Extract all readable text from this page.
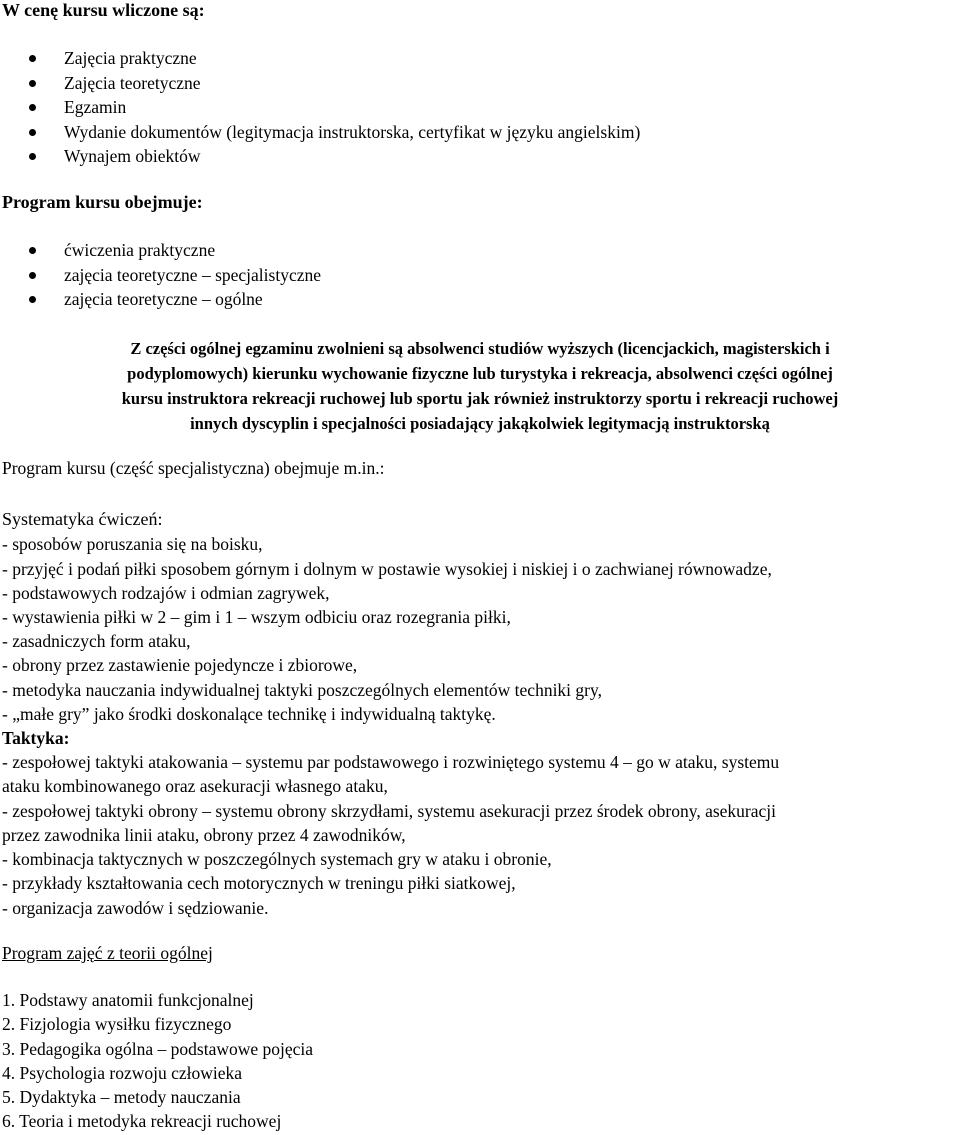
W cenę kursu wliczone są:
Zajęcia praktyczne
Zajęcia teoretyczne
Egzamin
Wydanie dokumentów (legitymacja instruktorska, certyfikat w języku angielskim)
Wynajem obiektów
Program kursu obejmuje:
ćwiczenia praktyczne
zajęcia teoretyczne – specjalistyczne
zajęcia teoretyczne – ogólne
Z części ogólnej egzaminu zwolnieni są absolwenci studiów wyższych (licencjackich, magisterskich i
podyplomowych) kierunku wychowanie fizyczne lub turystyka i rekreacja, absolwenci części ogólnej
kursu instruktora rekreacji ruchowej lub sportu jak również instruktorzy sportu i rekreacji ruchowej
innych dyscyplin i specjalności posiadający jakąkolwiek legitymacją instruktorską
Program kursu (część specjalistyczna) obejmuje m.in.:
Systematyka ćwiczeń:
- sposobów poruszania się na boisku,
- przyjęć i podań piłki sposobem górnym i dolnym w postawie wysokiej i niskiej i o zachwianej równowadze,
- podstawowych rodzajów i odmian zagrywek,
- wystawienia piłki w 2 – gim i 1 – wszym odbiciu oraz rozegrania piłki,
- zasadniczych form ataku,
- obrony przez zastawienie pojedyncze i zbiorowe,
- metodyka nauczania indywidualnej taktyki poszczególnych elementów techniki gry,
- „małe gry” jako środki doskonalące technikę i indywidualną taktykę.
Taktyka:
- zespołowej taktyki atakowania – systemu par podstawowego i rozwiniętego systemu 4 – go w ataku, systemu
ataku kombinowanego oraz asekuracji własnego ataku,
- zespołowej taktyki obrony – systemu obrony skrzydłami, systemu asekuracji przez środek obrony, asekuracji
przez zawodnika linii ataku, obrony przez 4 zawodników,
- kombinacja taktycznych w poszczególnych systemach gry w ataku i obronie,
- przykłady kształtowania cech motorycznych w treningu piłki siatkowej,
- organizacja zawodów i sędziowanie.
Program zajęć z teorii ogólnej
1. Podstawy anatomii funkcjonalnej
2. Fizjologia wysiłku fizycznego
3. Pedagogika ogólna – podstawowe pojęcia
4. Psychologia rozwoju człowieka
5. Dydaktyka – metody nauczania
6. Teoria i metodyka rekreacji ruchowej
